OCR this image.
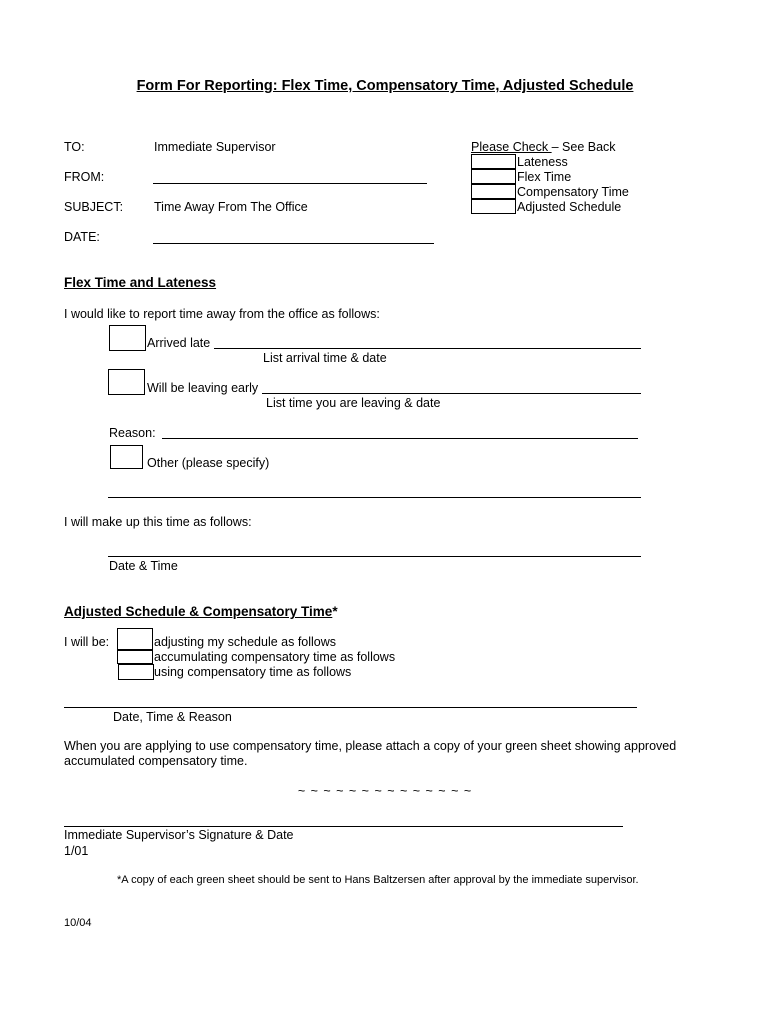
Form For Reporting: Flex Time, Compensatory Time, Adjusted Schedule
TO:	Immediate Supervisor
FROM:
SUBJECT: Time Away From The Office
DATE:
Please Check – See Back
Lateness
Flex Time
Compensatory Time
Adjusted Schedule
Flex Time and Lateness
I would like to report time away from the office as follows:
Arrived late
List arrival time & date
Will be leaving early
List time you are leaving & date
Reason:
Other (please specify)
I will make up this time as follows:
Date & Time
Adjusted Schedule & Compensatory Time*
I will be:	adjusting my schedule as follows
accumulating compensatory time as follows
using compensatory time as follows
Date, Time & Reason
When you are applying to use compensatory time, please attach a copy of your green sheet showing approved
accumulated compensatory time.
~ ~ ~ ~ ~ ~ ~ ~ ~ ~ ~ ~ ~ ~
Immediate Supervisor’s Signature & Date
1/01
*A copy of each green sheet should be sent to Hans Baltzersen after approval by the immediate supervisor.
10/04
